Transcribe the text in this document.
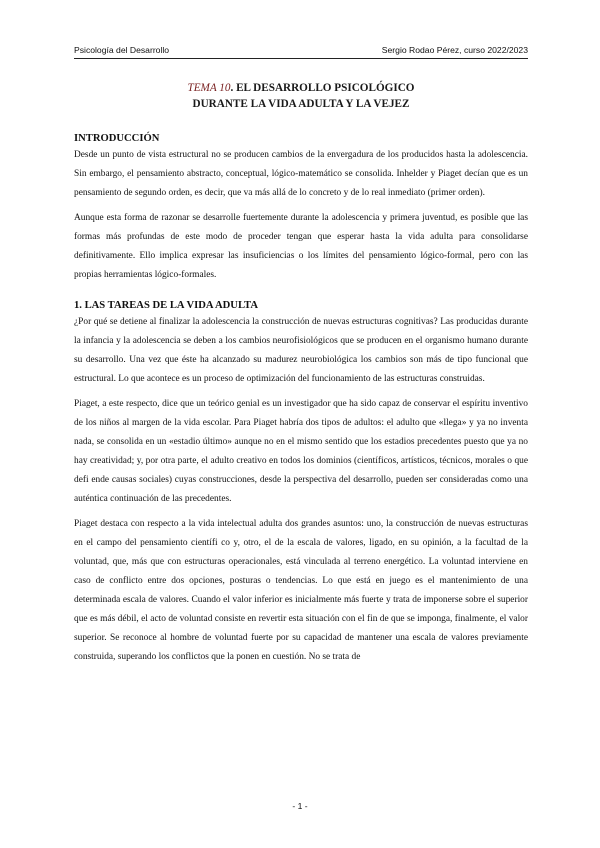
Psicología del Desarrollo	Sergio Rodao Pérez, curso 2022/2023
TEMA 10. EL DESARROLLO PSICOLÓGICO
DURANTE LA VIDA ADULTA Y LA VEJEZ
INTRODUCCIÓN

Desde un punto de vista estructural no se producen cambios de la envergadura de los producidos hasta la adolescencia. Sin embargo, el pensamiento abstracto, conceptual, lógico-matemático se consolida. Inhelder y Piaget decían que es un pensamiento de segundo orden, es decir, que va más allá de lo concreto y de lo real inmediato (primer orden).

Aunque esta forma de razonar se desarrolle fuertemente durante la adolescencia y primera juventud, es posible que las formas más profundas de este modo de proceder tengan que esperar hasta la vida adulta para consolidarse definitivamente. Ello implica expresar las insuficiencias o los límites del pensamiento lógico-formal, pero con las propias herramientas lógico-formales.

1. LAS TAREAS DE LA VIDA ADULTA

¿Por qué se detiene al finalizar la adolescencia la construcción de nuevas estructuras cognitivas? Las producidas durante la infancia y la adolescencia se deben a los cambios neurofisiológicos que se producen en el organismo humano durante su desarrollo. Una vez que éste ha alcanzado su madurez neurobiológica los cambios son más de tipo funcional que estructural. Lo que acontece es un proceso de optimización del funcionamiento de las estructuras construidas.

Piaget, a este respecto, dice que un teórico genial es un investigador que ha sido capaz de conservar el espíritu inventivo de los niños al margen de la vida escolar. Para Piaget habría dos tipos de adultos: el adulto que «llega» y ya no inventa nada, se consolida en un «estadio último» aunque no en el mismo sentido que los estadios precedentes puesto que ya no hay creatividad; y, por otra parte, el adulto creativo en todos los dominios (científicos, artísticos, técnicos, morales o que defi ende causas sociales) cuyas construcciones, desde la perspectiva del desarrollo, pueden ser consideradas como una auténtica continuación de las precedentes.

Piaget destaca con respecto a la vida intelectual adulta dos grandes asuntos: uno, la construcción de nuevas estructuras en el campo del pensamiento científi co y, otro, el de la escala de valores, ligado, en su opinión, a la facultad de la voluntad, que, más que con estructuras operacionales, está vinculada al terreno energético. La voluntad interviene en caso de conflicto entre dos opciones, posturas o tendencias. Lo que está en juego es el mantenimiento de una determinada escala de valores. Cuando el valor inferior es inicialmente más fuerte y trata de imponerse sobre el superior que es más débil, el acto de voluntad consiste en revertir esta situación con el fin de que se imponga, finalmente, el valor superior. Se reconoce al hombre de voluntad fuerte por su capacidad de mantener una escala de valores previamente construida, superando los conflictos que la ponen en cuestión. No se trata de

- 1 -
